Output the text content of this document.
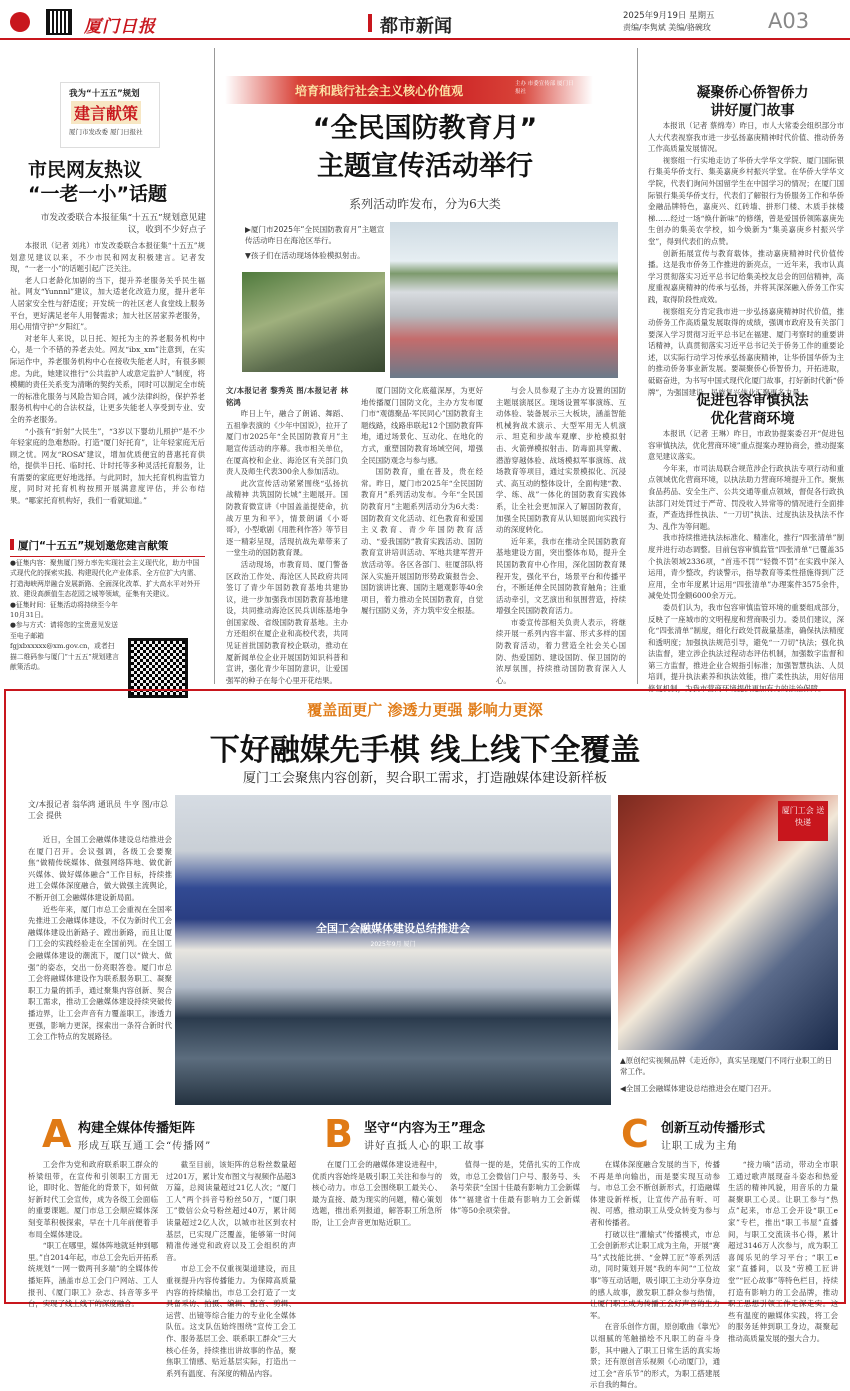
厦门日报	都市新闻	2025年9月19日 星期五
责编/李隽斌 美编/骆碗玫	A03
我为“十五五”规划
建言献策
厦门市发改委 厦门日报社
市民网友热议
“一老一小”话题
市发改委联合本报征集“十五五”规划意见建议，收到不少好点子

本报讯（记者 刘兆）市发改委联合本报征集“十五五”规划意见建议以来，不少市民和网友积极建言。记者发现，“一老一小”的话题引起广泛关注。

老人口老龄化加剧的当下，提升养老服务关乎民生福祉。网友“Yunnnl”建议，加大适老化改造力度，提升老年人居家安全性与舒适度；开发统一的社区老人食堂线上服务平台，更好满足老年人用餐需求；加大社区居家养老服务，用心用情守护“夕阳红”。

对老年人来说，以日托、短托为主的养老服务机构中心，是一个不错的养老去处。网友“ibx_xm”注意到，在实际运作中，养老服务机构中心在接收失能老人时，有很多顾虑。为此，她建议推行“公共监护人或意定监护人”制度，将模糊的责任关系变为清晰的契约关系，同时可以制定全市统一的标准化服务与风险告知合同，减少法律纠纷，保护养老服务机构中心的合法权益，让更多失能老人享受到专业、安全的养老服务。

“小孩有“折射”大民生”，“3岁以下婴幼儿照护”是不少年轻家庭的急难愁盼。打造“厦门好托育”，让年轻家庭无后顾之忧。网友“ROSA”建议，增加优质便宜的普惠托育供给，提供半日托、临时托、计时托等多种灵活托育服务，让有需要的家庭更好地选择。与此同时，加大托育机构监管力度，同时对托育机构按照开展满意度评估，并公布结果。“哪家托育机构好，我们一看就知道。”

厦门“十五五”规划邀您建言献策
●征集内容：聚焦厦门努力率先实现社会主义现代化，助力中国式现代化的探索实践、构建现代化产业体系、全方位扩大内需、打造海峡两岸融合发展新路、全面深化改革、扩大高水平对外开放、建设高颜值生态花园之城等领域，征集有关建议。
●征集时间：征集活动将持续至今年10月31日。
●参与方式：请将您的宝贵意见发送至电子邮箱fgjxbxxxxx@xm.gov.cn，或者扫描二维码参与厦门“十五五”规划建言献策活动。
培育和践行社会主义核心价值观	主办 市委宣传部 厦门日报社
“全民国防教育月”
主题宣传活动举行
系列活动昨发布，分为6大类
▶厦门市2025年“全民国防教育月”主题宣传活动昨日在海沧区举行。
▼孩子们在活动现场体验模拟射击。
文/本报记者 黎秀英 图/本报记者 林铭鸿

昨日上午，融合了朗诵、舞蹈、五祖拳表演的《少年中国说》，拉开了厦门市2025年“全民国防教育月”主题宣传活动的序幕。我市相关单位，在厦高校和企业、海沧区有关部门负责人及师生代表300余人参加活动。

此次宣传活动紧紧围绕“弘扬抗战精神 共筑国防长城”主题展开。国防教育微宣讲《中国盖盖提使命，抗战万里为和平》，情景朗诵《小哥哥》，小型歌剧《用胜利作答》等节目逐一精彩呈现，活现抗战先辈带来了一堂生动的国防教育课。

活动现场，市教育局、厦门警备区政治工作处、海沧区人民政府共同签订了青少年国防教育基地共建协议，进一步加强我市国防教育基地建设，共同推动海沧区民兵训练基地争创国家级、省级国防教育基地。主办方还组织在厦企业和高校代表，共同见证首批国防教育校企联动，推动在厦新闻单位企业开展国防知识科普和宣讲，强化青少年国防意识，让爱国强军的种子在每个心里开花结果。

厦门国防文化底蕴深厚，为更好地传播厦门国防文化，主办方发布厦门市“观德聚品·军民同心”国防教育主题线路，线路串联起12个国防教育阵地，通过场景化、互动化、在地化的方式，重塑国防教育场域空间，增强全民国防观念与参与感。

国防教育，重在普及，贵在经常。昨日，厦门市2025年“全民国防教育月”系列活动发布。今年“全民国防教育月”主题系列活动分为6大类：国防教育文化活动、红色教育和爱国主义教育、青少年国防教育活动、“爱我国防”教育实践活动、国防教育宣讲培训活动、军地共建军营开放活动等。各区各部门、驻厦部队将深入实施开展国防形势政策报告会、国防演讲比赛、国防主题观影等40余项目，着力推动全民国防教育，自觉履行国防义务，齐力筑牢安全根基。

与会人员参观了主办方设置的国防主题展演展区。现场设置军事演练、互动体验、装备展示三大板块，涵盖智能机械狗战术演示、大型军用无人机演示、坦克和步战车观摩、步枪模拟射击、火箭弹模拟射击、防毒面具穿戴、潜游穿越体验、战场模拟军事演练、战场教育等项目，通过实景模拟化、沉浸式、高互动的整体设计，全面构建“教、学、练、战”一体化的国防教育实践体系，让全社会更加深入了解国防教育，加强全民国防教育从认知展面向实践行动的深度转化。

近年来，我市在推动全民国防教育基地建设方面，突出整体布局，提升全民国防教育中心作用，深化国防教育课程开发，强化平台，场景平台和传播平台，不断延伸全民国防教育触角；注重活动牵引，文艺演出和氛围营造，持续增强全民国防教育活力。

市委宣传部相关负责人表示，将继续开展一系列内容丰富、形式多样的国防教育活动，着力营造全社会关心国防、热爱国防、建设国防、保卫国防的浓厚氛围，持续推动国防教育深入人心。

凝聚侨心侨智侨力
讲好厦门故事

本报讯（记者 蔡绵寿）昨日，市人大常委会组织部分市人大代表视察我市进一步弘扬嘉庚精神时代价值、推动侨务工作高质量发展情况。

视察组一行实地走访了华侨大学华文学院、厦门国际银行集美华侨支行、集美嘉庚乡村振兴学堂。在华侨大学华文学院，代表们询问外国留学生在中国学习的情况；在厦门国际银行集美华侨支行，代表们了解银行为侨服务工作和华侨金融品牌特色，嘉庚兴、红砖墙、拼形门楼、木质手抹楼梯……经过一场“焕什新味”的修缮，曾是爱国侨领陈嘉庚先生创办的集美农学校，如今焕新为“集美嘉庚乡村振兴学堂”，得到代表们的点赞。

创新拓展宣传与教育载体，推动嘉庚精神时代价值传播。这是我市侨务工作推进的新亮点，一近年来，我市认真学习贯彻落实习近平总书记给集美校友总会的回信精神，高度重视嘉庚精神的传承与弘扬，并将其深深融入侨务工作实践，取得阶段性成效。

视察组充分肯定我市进一步弘扬嘉庚精神时代价值，推动侨务工作高质量发展取得的成绩，强调市政府及有关部门要深入学习贯彻习近平总书记在福建、厦门考察时的重要讲话精神，认真贯彻落实习近平总书记关于侨务工作的重要论述，以实际行动学习传承弘扬嘉庚精神，让华侨国华侨为主的推动侨务事业新发展。要凝聚侨心侨智侨力，开拓进取，砥砺奋进，为书写中国式现代化厦门故事，打好新时代新“侨牌”，为强国建设、民族复兴伟业汇聚更多力量。

促进包容审慎执法
优化营商环境

本报讯（记者 王琳）昨日，市政协提案委召开“促进包容审慎执法，优化营商环境”重点提案办理协商会，推动提案意见建议落实。

今年来，市司法局联合规范涉企行政执法专项行动和重点领域优化营商环境，以执法助力营商环境提升工作。聚焦食品药品、安全生产、公共交通等重点领域，督促各行政执法部门对处罚过于严苛、罚没收入异常等的情况进行全面排查，严查选择性执法、“一刀切”执法、过度执法及执法不作为、乱作为等问题。

我市持续推进执法标准化、精准化，推行“四张清单”制度并进行动态调整。目前包容审慎监管“四张清单”已覆盖35个执法领域2336项，“首违不罚”“轻微不罚”在实践中深入运用，青少整改，约谈警示，指导教育等柔性措施得到广泛应用，全市年度累计运用“四张清单”办理案件3575余件，减免处罚金额6000余万元。

委员们认为，我市包容审慎监管环境的重要组成部分，反映了一座城市的文明程度和营商吸引力。委员们建议，深化“四张清单”制度，细化行政处罚裁量基准，确保执法精度和透明度；加强执法规范引导，避免“一刀切”执法；强化执法监督，建立涉企执法过程动态评估机制，加强数字监督和第三方监督，推进企业合规指引标准；加强智慧执法、人员培训，提升执法素养和执法效能，推广柔性执法，用好信用修复机制，为我市营商环境提供更加有力的法治保障。

覆盖面更广 渗透力更强 影响力更深
下好融媒先手棋 线上线下全覆盖
厦门工会聚焦内容创新，契合职工需求，打造融媒体建设新样板
文/本报记者 翁华鸿 通讯员 牛亨 图/市总工会 提供

近日，全国工会融媒体建设总结推进会在厦门召开。会议强调，各级工会要聚焦“做精传统媒体、做强网络阵地、做优新兴媒体、做好媒体融合”工作目标，持续推进工会媒体深度融合，做大做强主流舆论，不断开创工会融媒体建设新局面。

近些年来，厦门市总工会重视在全国率先推进工会融媒体建设，不仅为新时代工会融媒体建设出新路子、蹚出新路，而且让厦门工会的实践经验走在全国前列。在全国工会融媒体建设的潮流下，厦门以“做大、做强”的姿态，交出一份亮眼答卷。厦门市总工会将融媒体建设作为联系服务职工、凝聚职工力量的抓手，通过聚集内容创新、契合职工需求，推动工会融媒体建设持续突破传播边界，让工会声音有力覆盖职工，渗透力更强，影响力更深，探索出一条符合新时代工会工作特点的发展路径。

全国工会融媒体建设总结推进会
2025年9月 厦门
厦门工会 送快递
▲原创纪实视频品牌《走近你》，真实呈现厦门不同行业职工的日常工作。
◀全国工会融媒体建设总结推进会在厦门召开。
A 构建全媒体传播矩阵
形成互联互通工会“传播网”	B 坚守“内容为王”理念
讲好直抵人心的职工故事	C 创新互动传播形式
让职工成为主角

工会作为党和政府联系职工群众的桥梁纽带，在宣传和引领职工方面无论，即时化、智能化的背景下，如何做好新时代工会宣传，成为各级工会面临的重要课题。厦门市总工会顺应媒体深刻变革积极探索，早在十几年前便着手布局全媒体建设。

“职工在哪里，媒体阵地就延伸到哪里。”自2014年起，市总工会先后开拓系统规划“一网一微两刊多端”的全媒体传播矩阵，涵盖市总工会门户网站、工人报刊、《厦门职工》杂志、抖音等多平台，实现了线上线下的深度融合。

截至目前，该矩阵的总粉丝数量超过201万，累计发布图文与视频作品超3万篇，总阅读量超过21亿人次；“厦门工人”两个抖音号粉丝50万，“厦门职工”微信公众号粉丝超过40万，累计阅读量超过2亿人次，以城市社区到农村基层，已实现广泛覆盖，能够第一时间精准传递党和政府以及工会组织的声音。

市总工会不仅重视渠道建设，而且重视提升内容传播能力。为保障高质量内容的持续输出，市总工会打造了一支具备采访、拍摄、编辑、配音、剪辑、运营、出镜等综合能力的专业化全媒体队伍。这支队伍始终围绕“宣传工会工作、服务基层工会、联系职工群众”三大核心任务，持续推出讲故事的作品，聚焦职工情感、贴近基层实际，打造出一系列有温度、有深度的精品内容。

在厦门工会的融媒体建设进程中，优质内容始终是吸引职工关注和参与的核心动力。市总工会围绕职工最关心、最为直接、最为现实的问题，精心策划选题，推出系列报道，解答职工所急所盼，让工会声音更加贴近职工。

值得一提的是，凭借扎实的工作成效，市总工会微信门户号、服务号、头条号荣获“全国十佳最有影响力工会新媒体”“福建省十佳最有影响力工会新媒体”等50余项荣誉。

在媒体深度融合发展的当下，传播不再是单向输出，而是要实现互动参与。市总工会不断创新形式，打造融媒体建设新样板，让宣传产品有听、可视、可感，推动职工从受众转变为参与者和传播者。

打破以往“灌输式”传播模式，市总工会创新形式让职工成为主角，开展“赛马”式技能比拼、“金牌工匠”等系列活动，同时策划开展“我的车间”“工位故事”等互动话题，吸引职工主动分享身边的感人故事，激发职工群众参与热情，让厦门职工成为传播工会好声音的生力军。

在音乐创作方面，原创歌曲《靠光》以细腻的笔触描绘不凡职工的奋斗身影，其中融入了职工日常生活的真实场景；还有原创音乐视频《心动厦门》，通过工会“音乐节”的形式，为职工搭建展示自我的舞台。

“接力嘀”活动，带动全市职工通过歌声展现奋斗姿态和热爱生活的精神风貌，用音乐的力量凝聚职工心灵。让职工参与“热点”起来，市总工会开设“职工e家”专栏，推出“职工书屋”直播间，与职工交流读书心得，累计超过3146万人次参与，成为职工喜闻乐见的学习平台；“职工e家”直播间，以及“劳模工匠讲堂”“匠心故事”等特色栏目，持续打造有影响力的工会品牌，推动职工思想引领工作走深走实。这些有温度的融媒体实践，将工会的服务延伸到职工身边，凝聚起推动高质量发展的强大合力。
